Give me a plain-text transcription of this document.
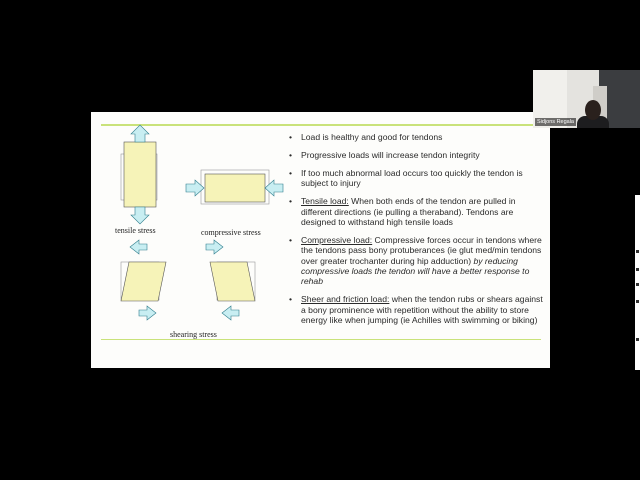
tensile stress	compressive stress
shearing stress
• Load is healthy and good for tendons
• Progressive loads will increase tendon integrity
• If too much abnormal load occurs too quickly the tendon is subject to injury
• Tensile load: When both ends of the tendon are pulled in different directions (ie pulling a theraband). Tendons are designed to withstand high tensile loads
• Compressive load: Compressive forces occur in tendons where the tendons pass bony protuberances (ie glut med/min tendons over greater trochanter during hip adduction) by reducing compressive loads the tendon will have a better response to rehab
• Sheer and friction load: when the tendon rubs or shears against a bony prominence with repetition without the ability to store energy like when jumping (ie Achilles with swimming or biking)
Sidjons Regala
